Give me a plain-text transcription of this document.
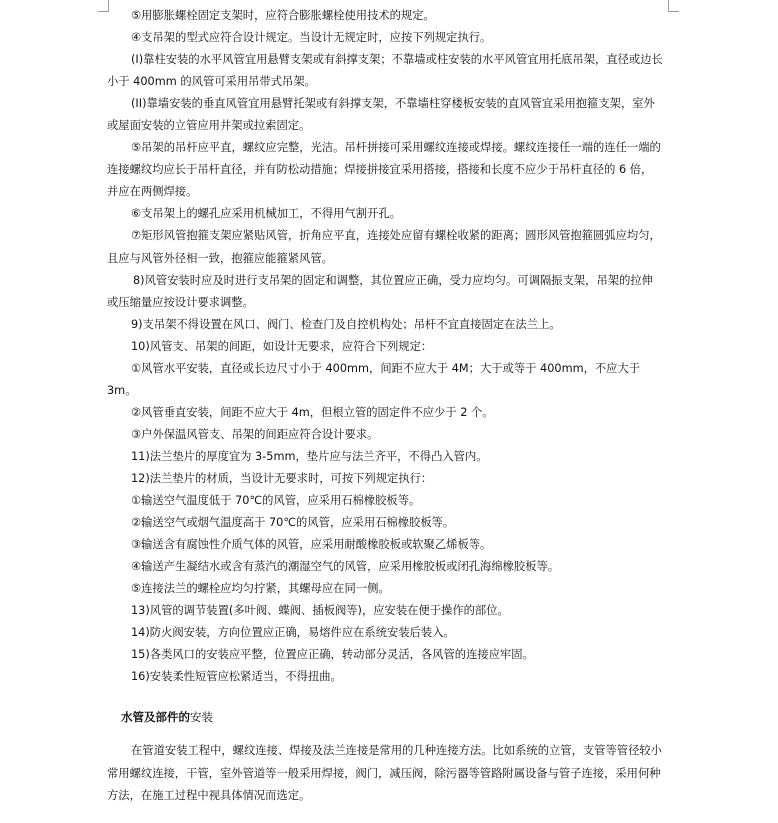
⑤用膨胀螺栓固定支架时，应符合膨胀螺栓使用技术的规定。

④支吊架的型式应符合设计规定。当设计无规定时，应按下列规定执行。

(I)靠柱安装的水平风管宜用悬臂支架或有斜撑支架；不靠墙或柱安装的水平风管宜用托底吊架，直径或边长小于 400mm 的风管可采用吊带式吊架。

(II)靠墙安装的垂直风管宜用悬臂托架或有斜撑支架，不靠墙柱穿楼板安装的直风管宜采用抱箍支架，室外或屋面安装的立管应用井架或拉索固定。

⑤吊架的吊杆应平直，螺纹应完整，光洁。吊杆拼接可采用螺纹连接或焊接。螺纹连接任一端的连任一端的连接螺纹均应长于吊杆直径，并有防松动措施；焊接拼接宜采用搭接，搭接和长度不应少于吊杆直径的 6 倍，并应在两侧焊接。

⑥支吊架上的螺孔应采用机械加工，不得用气割开孔。

⑦矩形风管抱箍支架应紧贴风管，折角应平直，连接处应留有螺栓收紧的距离；圆形风管抱箍圆弧应均匀，且应与风管外径相一致，抱箍应能箍紧风管。

8)风管安装时应及时进行支吊架的固定和调整，其位置应正确，受力应均匀。可调隔振支架，吊架的拉伸或压缩量应按设计要求调整。

9)支吊架不得设置在风口、阀门、检查门及自控机构处；吊杆不宜直接固定在法兰上。

10)风管支、吊架的间距，如设计无要求，应符合下列规定：

①风管水平安装，直径或长边尺寸小于 400mm，间距不应大于 4M；大于或等于 400mm，不应大于 3m。

②风管垂直安装，间距不应大于 4m，但根立管的固定件不应少于 2 个。

③户外保温风管支、吊架的间距应符合设计要求。

11)法兰垫片的厚度宜为 3-5mm，垫片应与法兰齐平，不得凸入管内。

12)法兰垫片的材质，当设计无要求时，可按下列规定执行：

①输送空气温度低于 70℃的风管，应采用石棉橡胶板等。

②输送空气或烟气温度高于 70℃的风管，应采用石棉橡胶板等。

③输送含有腐蚀性介质气体的风管，应采用耐酸橡胶板或软聚乙烯板等。

④输送产生凝结水或含有蒸汽的潮湿空气的风管，应采用橡胶板或闭孔海绵橡胶板等。

⑤连接法兰的螺栓应均匀拧紧，其螺母应在同一侧。

13)风管的调节装置(多叶阀、蝶阀、插板阀等)，应安装在便于操作的部位。

14)防火阀安装，方向位置应正确，易熔件应在系统安装后装入。

15)各类风口的安装应平整，位置应正确，转动部分灵活，各风管的连接应牢固。

16)安装柔性短管应松紧适当，不得扭曲。

水管及部件的安装

在管道安装工程中，螺纹连接、焊接及法兰连接是常用的几种连接方法。比如系统的立管，支管等管径较小常用螺纹连接，干管，室外管道等一般采用焊接，阀门，减压阀，除污器等管路附属设备与管子连接，采用何种方法，在施工过程中视具体情况而选定。
